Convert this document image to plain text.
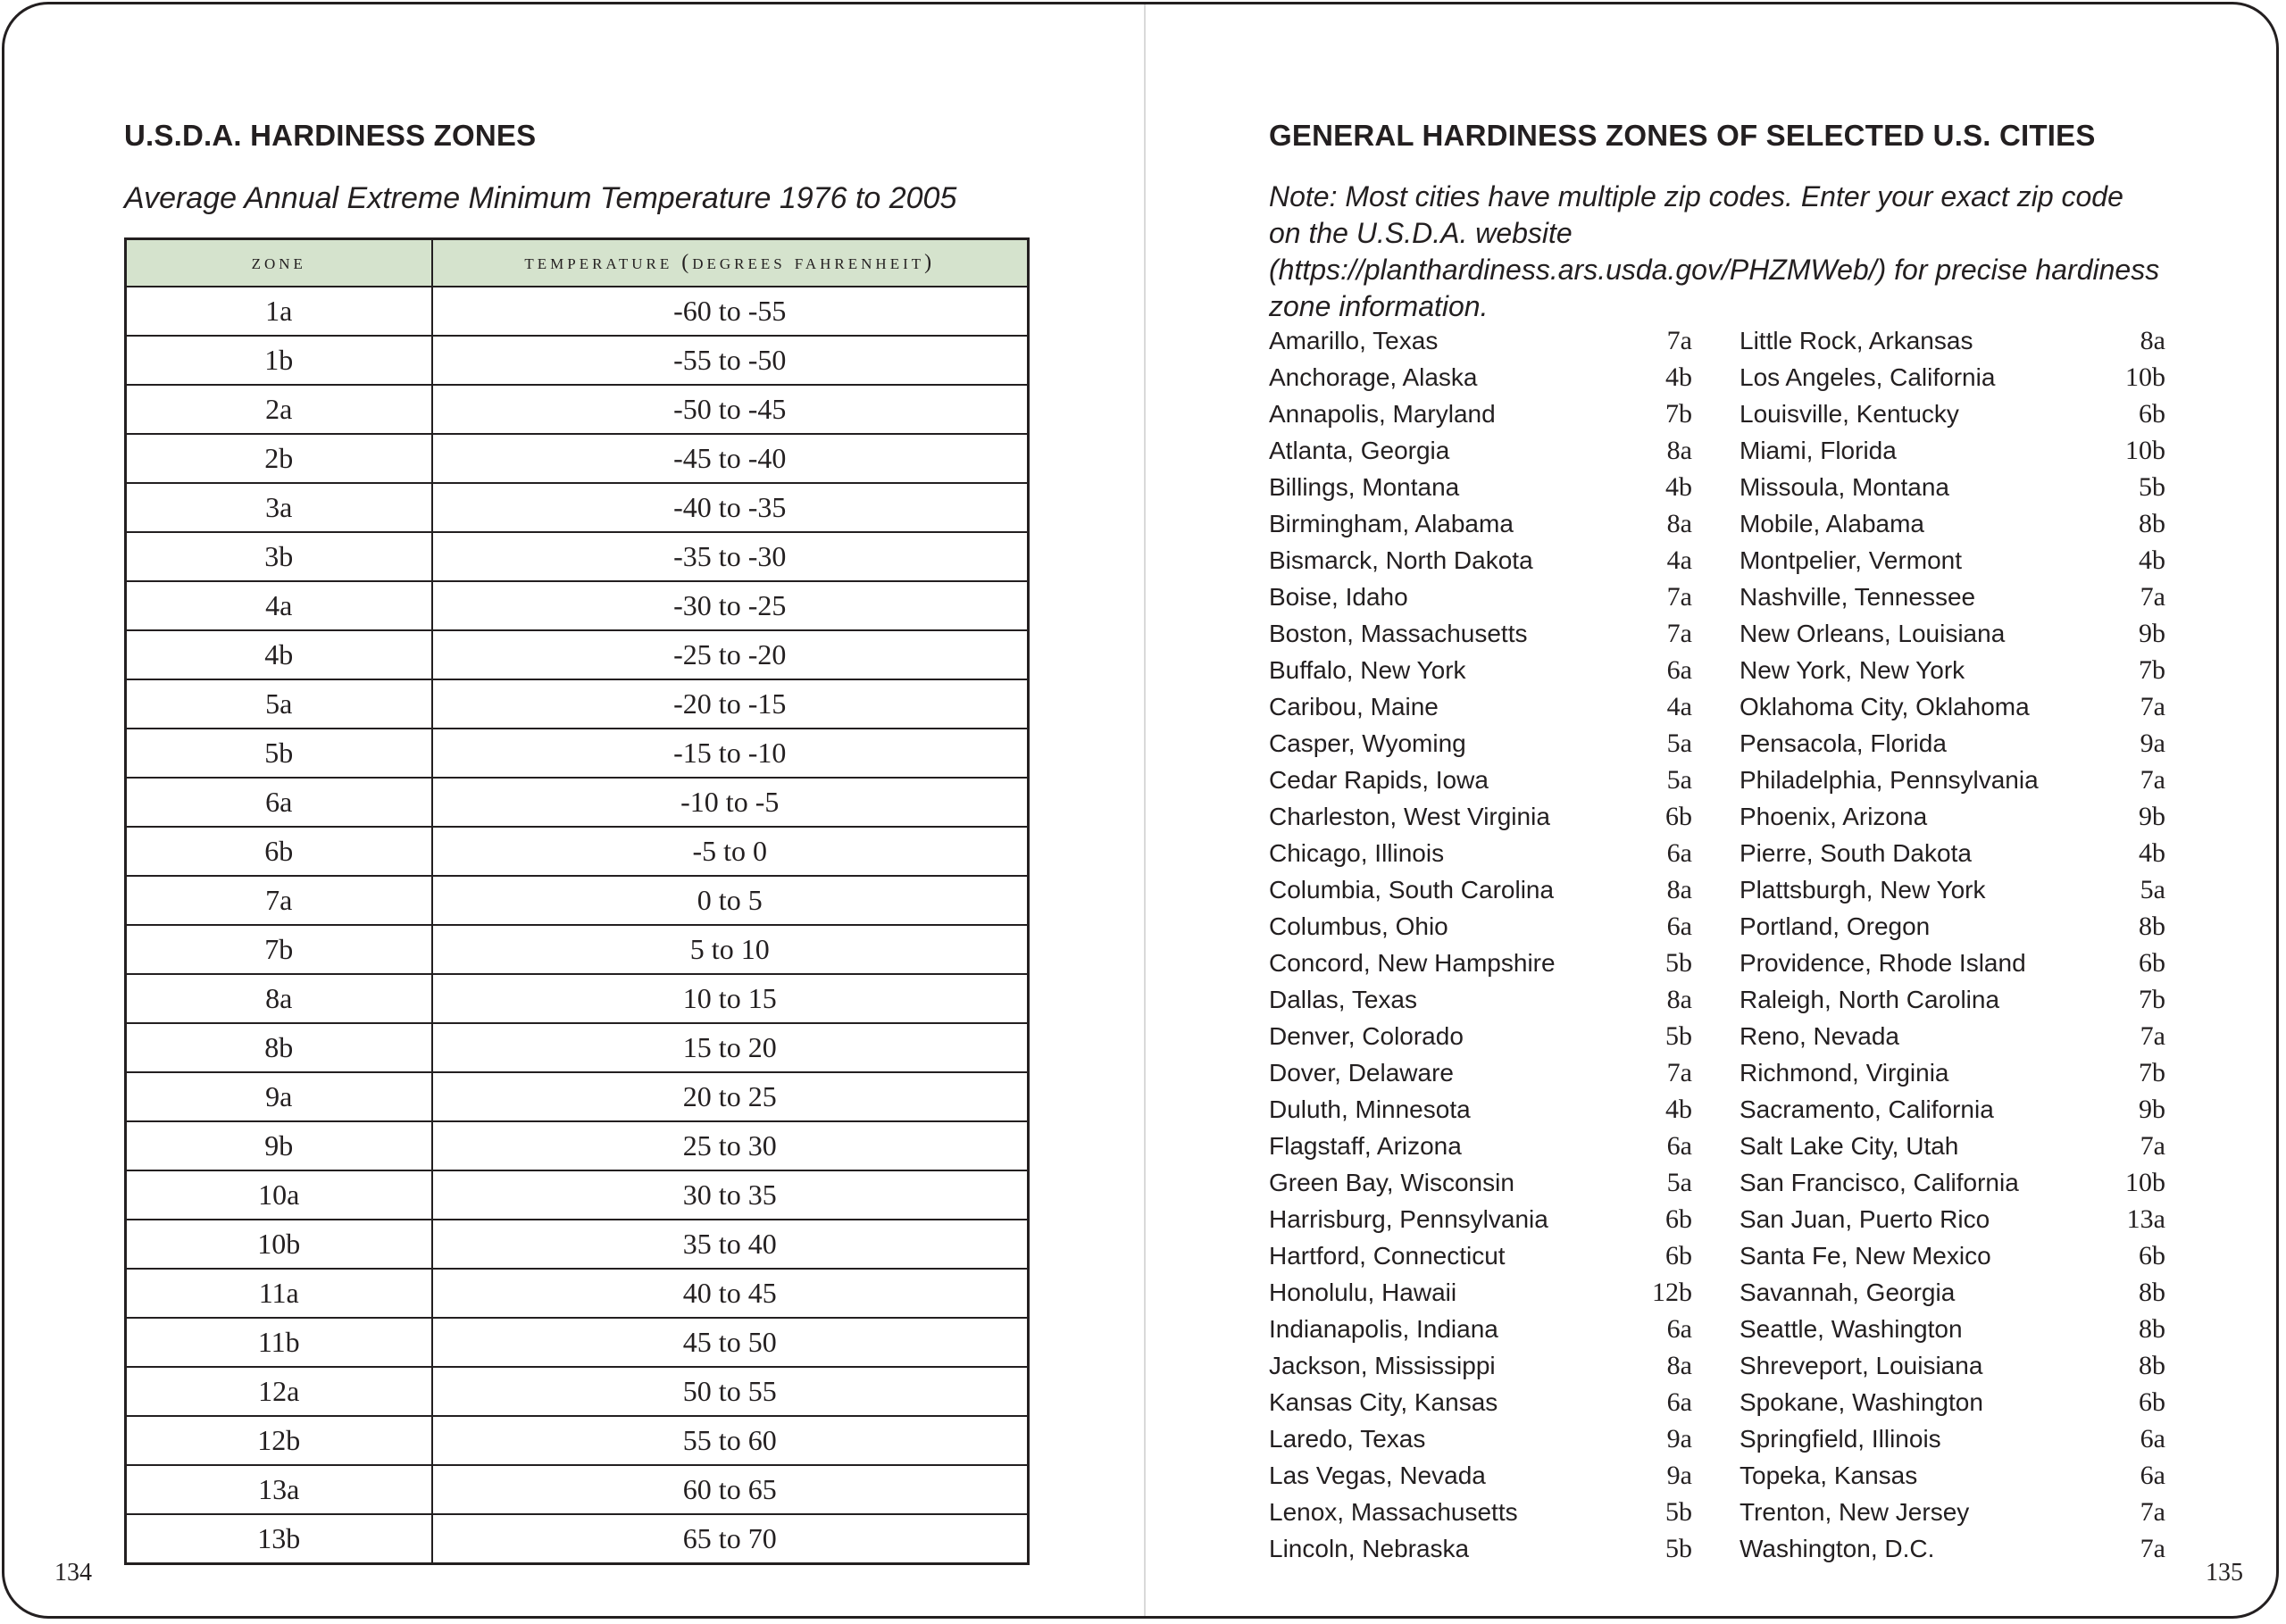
U.S.D.A. HARDINESS ZONES

Average Annual Extreme Minimum Temperature 1976 to 2005

zone	temperature (degrees fahrenheit)
1a	-60 to -55
1b	-55 to -50
2a	-50 to -45
2b	-45 to -40
3a	-40 to -35
3b	-35 to -30
4a	-30 to -25
4b	-25 to -20
5a	-20 to -15
5b	-15 to -10
6a	-10 to -5
6b	-5 to 0
7a	0 to 5
7b	5 to 10
8a	10 to 15
8b	15 to 20
9a	20 to 25
9b	25 to 30
10a	30 to 35
10b	35 to 40
11a	40 to 45
11b	45 to 50
12a	50 to 55
12b	55 to 60
13a	60 to 65
13b	65 to 70

134

GENERAL HARDINESS ZONES OF SELECTED U.S. CITIES

Note: Most cities have multiple zip codes. Enter your exact zip code on the U.S.D.A. website (https://planthardiness.ars.usda.gov/PHZMWeb/) for precise hardiness zone information.

Amarillo, Texas	7a
Anchorage, Alaska	4b
Annapolis, Maryland	7b
Atlanta, Georgia	8a
Billings, Montana	4b
Birmingham, Alabama	8a
Bismarck, North Dakota	4a
Boise, Idaho	7a
Boston, Massachusetts	7a
Buffalo, New York	6a
Caribou, Maine	4a
Casper, Wyoming	5a
Cedar Rapids, Iowa	5a
Charleston, West Virginia	6b
Chicago, Illinois	6a
Columbia, South Carolina	8a
Columbus, Ohio	6a
Concord, New Hampshire	5b
Dallas, Texas	8a
Denver, Colorado	5b
Dover, Delaware	7a
Duluth, Minnesota	4b
Flagstaff, Arizona	6a
Green Bay, Wisconsin	5a
Harrisburg, Pennsylvania	6b
Hartford, Connecticut	6b
Honolulu, Hawaii	12b
Indianapolis, Indiana	6a
Jackson, Mississippi	8a
Kansas City, Kansas	6a
Laredo, Texas	9a
Las Vegas, Nevada	9a
Lenox, Massachusetts	5b
Lincoln, Nebraska	5b
Little Rock, Arkansas	8a
Los Angeles, California	10b
Louisville, Kentucky	6b
Miami, Florida	10b
Missoula, Montana	5b
Mobile, Alabama	8b
Montpelier, Vermont	4b
Nashville, Tennessee	7a
New Orleans, Louisiana	9b
New York, New York	7b
Oklahoma City, Oklahoma	7a
Pensacola, Florida	9a
Philadelphia, Pennsylvania	7a
Phoenix, Arizona	9b
Pierre, South Dakota	4b
Plattsburgh, New York	5a
Portland, Oregon	8b
Providence, Rhode Island	6b
Raleigh, North Carolina	7b
Reno, Nevada	7a
Richmond, Virginia	7b
Sacramento, California	9b
Salt Lake City, Utah	7a
San Francisco, California	10b
San Juan, Puerto Rico	13a
Santa Fe, New Mexico	6b
Savannah, Georgia	8b
Seattle, Washington	8b
Shreveport, Louisiana	8b
Spokane, Washington	6b
Springfield, Illinois	6a
Topeka, Kansas	6a
Trenton, New Jersey	7a
Washington, D.C.	7a

135
